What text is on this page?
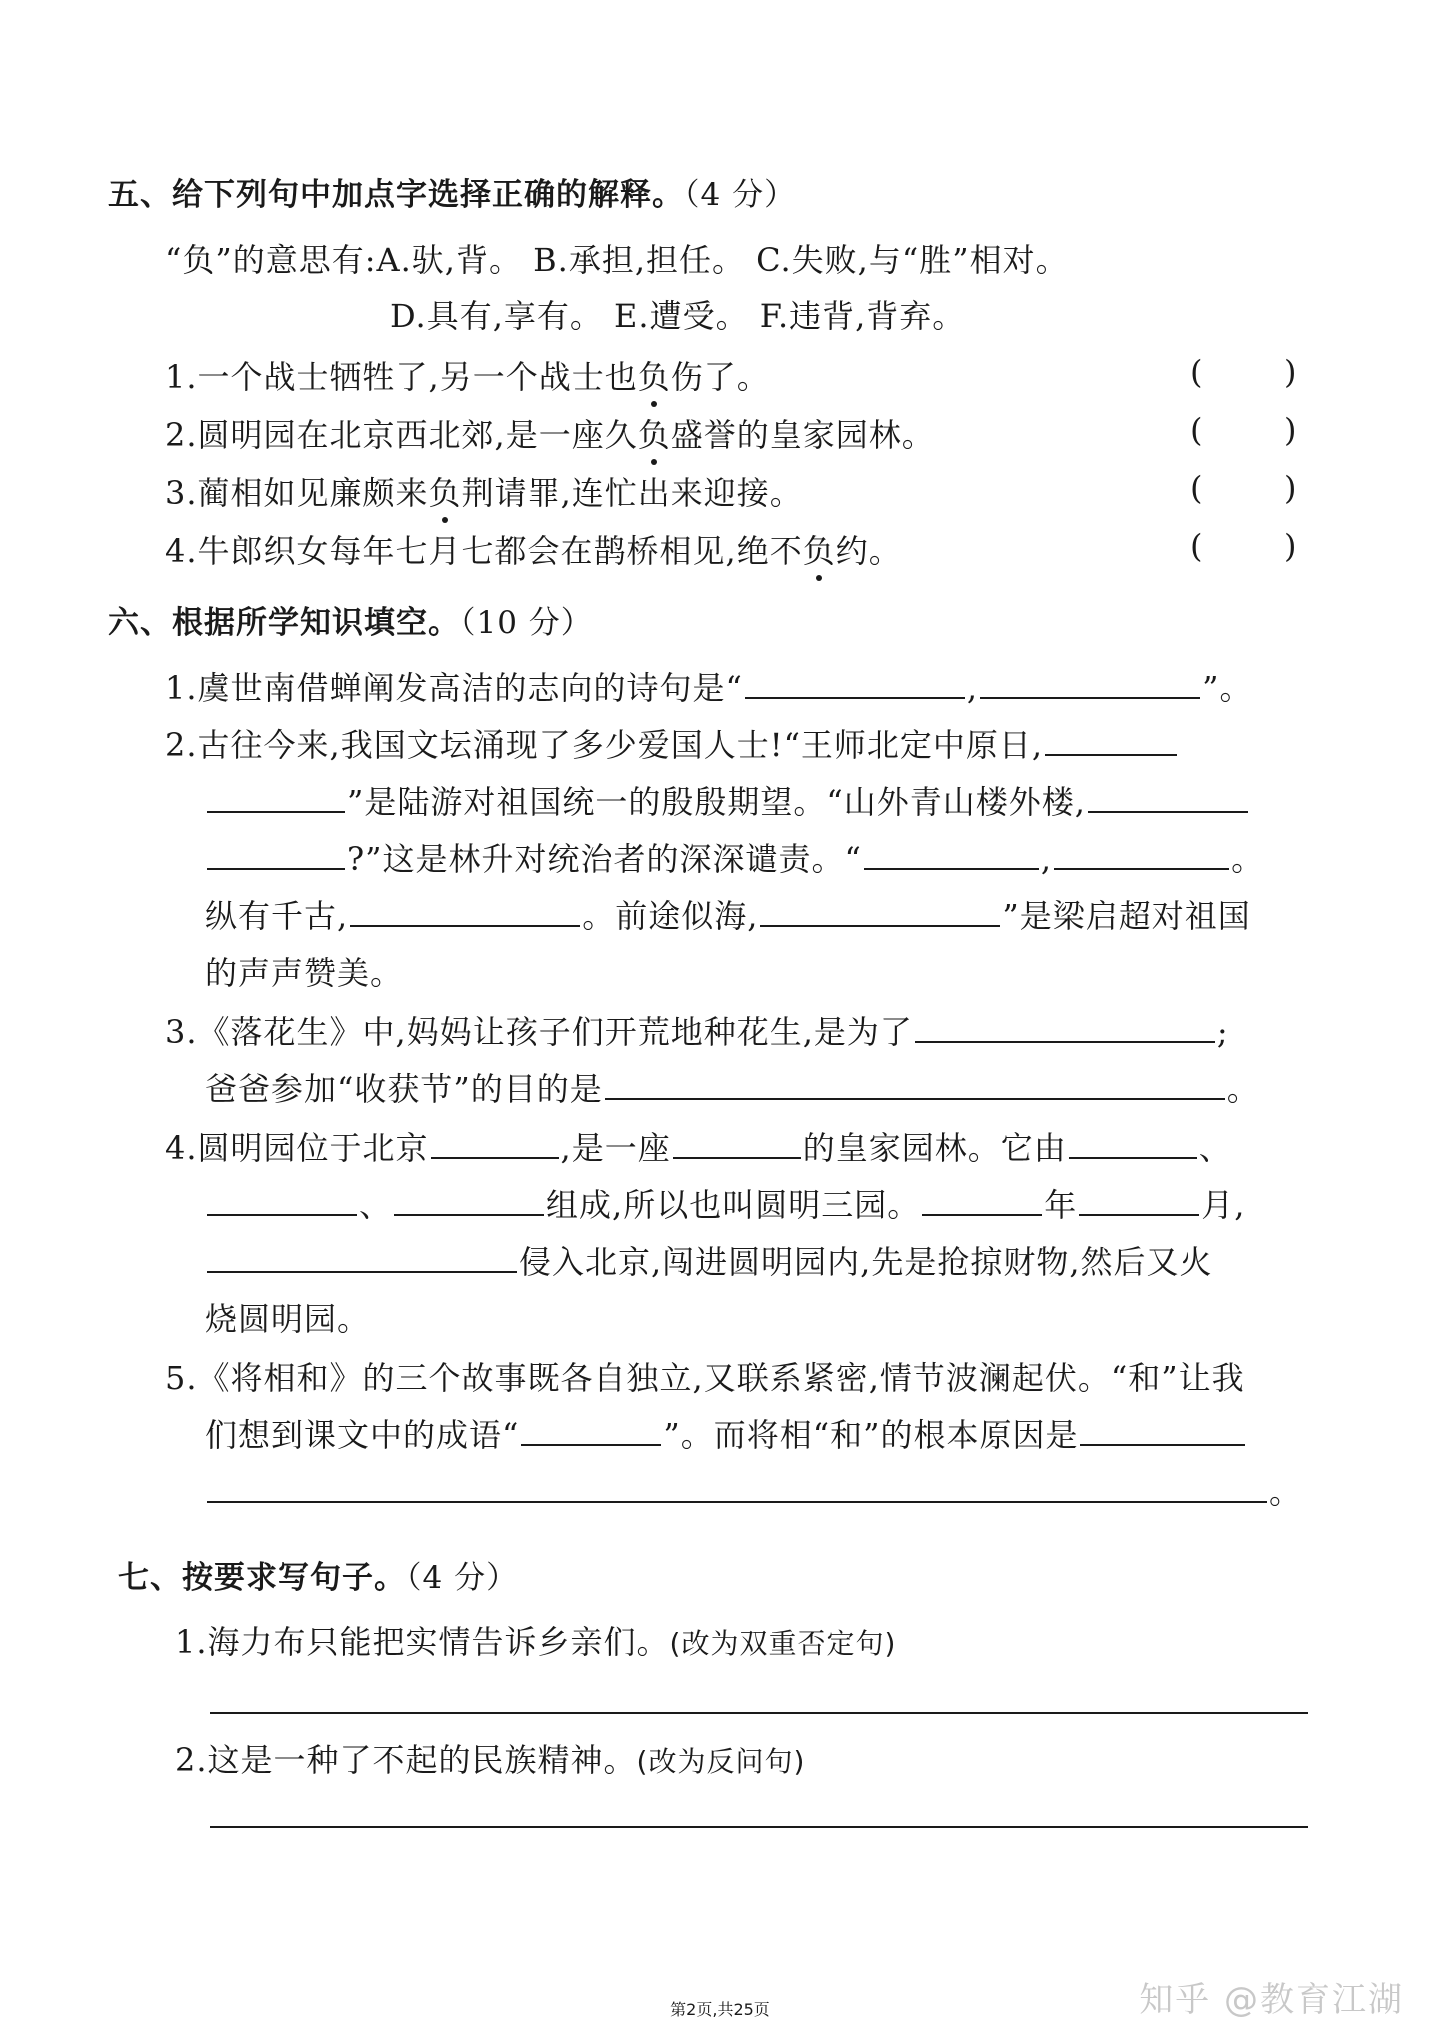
五、给下列句中加点字选择正确的解释。（4 分）
“负”的意思有:A.驮,背。 B.承担,担任。 C.失败,与“胜”相对。
D.具有,享有。 E.遭受。 F.违背,背弃。
1.一个战士牺牲了,另一个战士也负伤了。	(	)
2.圆明园在北京西北郊,是一座久负盛誉的皇家园林。	(	)
3.蔺相如见廉颇来负荆请罪,连忙出来迎接。	(	)
4.牛郎织女每年七月七都会在鹊桥相见,绝不负约。	(	)
六、根据所学知识填空。（10 分）
1.虞世南借蝉阐发高洁的志向的诗句是“	,	”。
2.古往今来,我国文坛涌现了多少爱国人士!“王师北定中原日,
”是陆游对祖国统一的殷殷期望。“山外青山楼外楼,
?”这是林升对统治者的深深谴责。“	,	。
纵有千古,	。前途似海,	”是梁启超对祖国
的声声赞美。
3.《落花生》中,妈妈让孩子们开荒地种花生,是为了	;
爸爸参加“收获节”的目的是	。
4.圆明园位于北京	,是一座	的皇家园林。它由	、
、	组成,所以也叫圆明三园。	年	月,
侵入北京,闯进圆明园内,先是抢掠财物,然后又火
烧圆明园。
5.《将相和》的三个故事既各自独立,又联系紧密,情节波澜起伏。“和”让我
们想到课文中的成语“	”。而将相“和”的根本原因是
。
七、按要求写句子。（4 分）
1.海力布只能把实情告诉乡亲们。(改为双重否定句)
2.这是一种了不起的民族精神。(改为反问句)
第2页,共25页	知乎 @教育江湖
